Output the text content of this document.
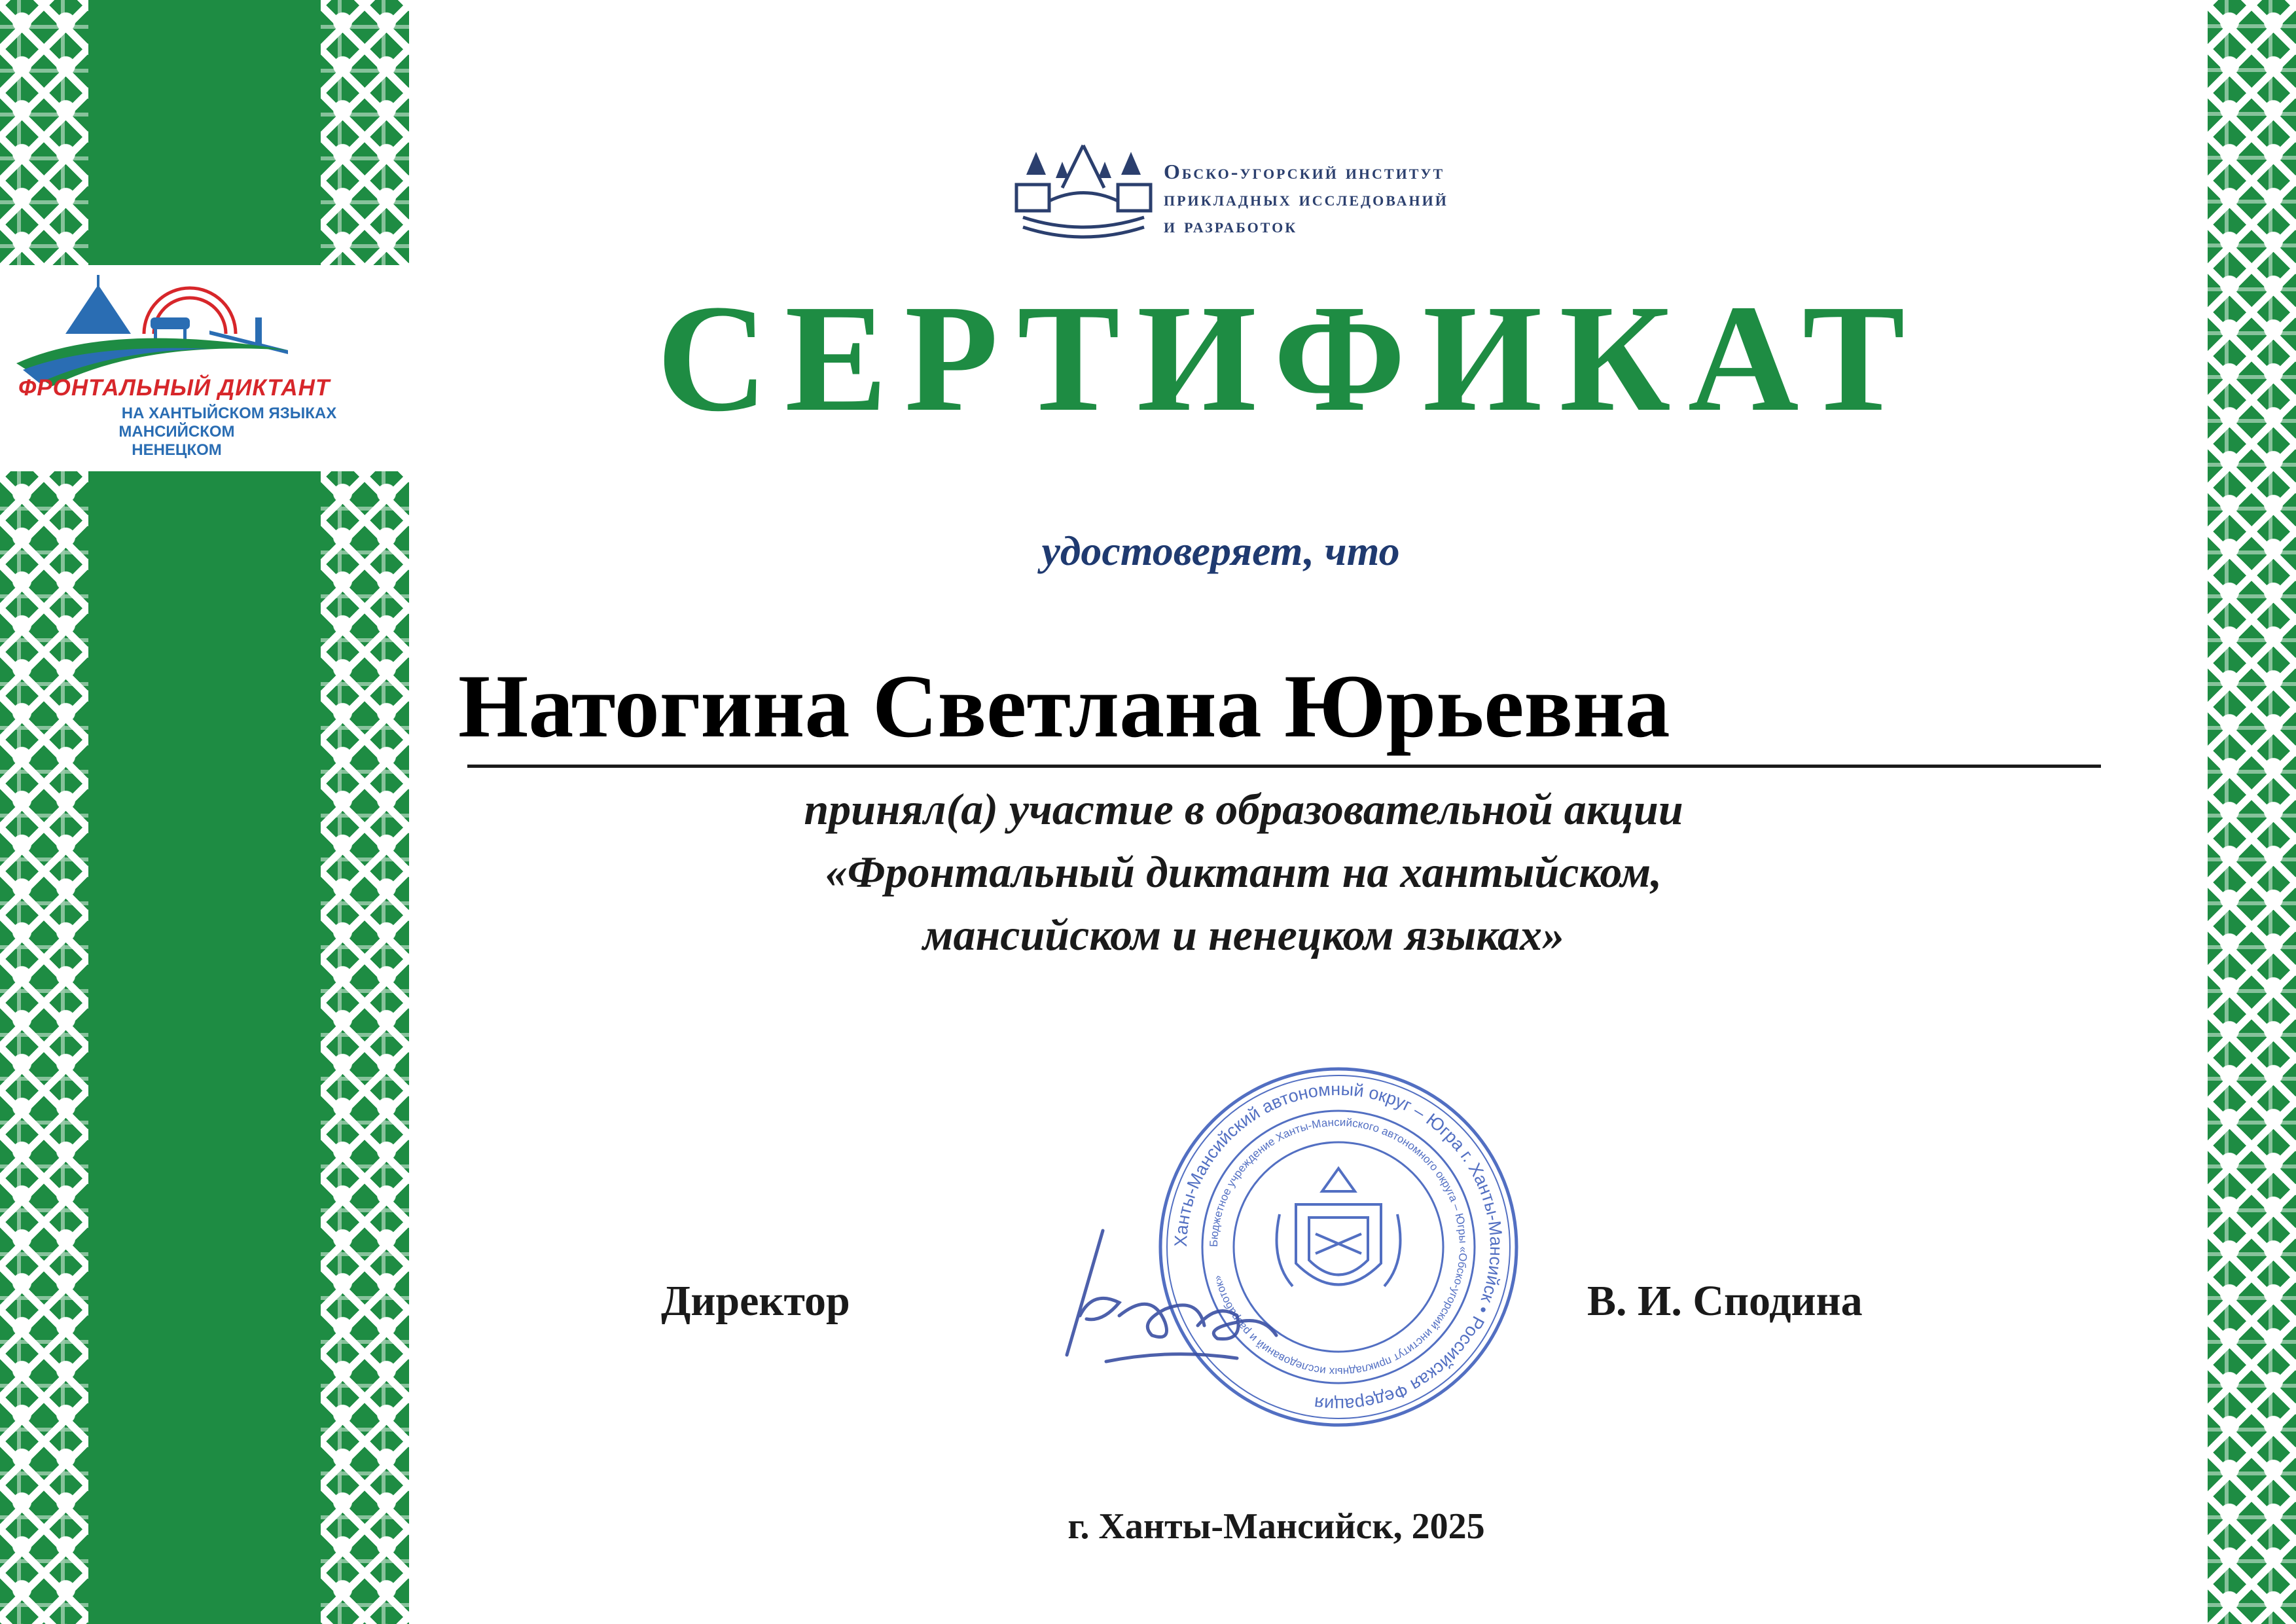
ФРОНТАЛЬНЫЙ ДИКТАНТ
НА ХАНТЫЙСКОМ ЯЗЫКАХ
МАНСИЙСКОМ
НЕНЕЦКОМ
Обско-угорский институт
прикладных исследований
и разработок
СЕРТИФИКАТ
удостоверяет, что
Натогина Светлана Юрьевна
принял(а) участие в образовательной акции
«Фронтальный диктант на хантыйском,
мансийском и ненецком языках»
Ханты-Мансийский автономный округ – Югра г. Ханты-Мансийск • Российская Федерация
Бюджетное учреждение Ханты-Мансийского автономного округа – Югры «Обско-угорский институт прикладных исследований и разработок»
Директор	В. И. Сподина
г. Ханты-Мансийск, 2025
